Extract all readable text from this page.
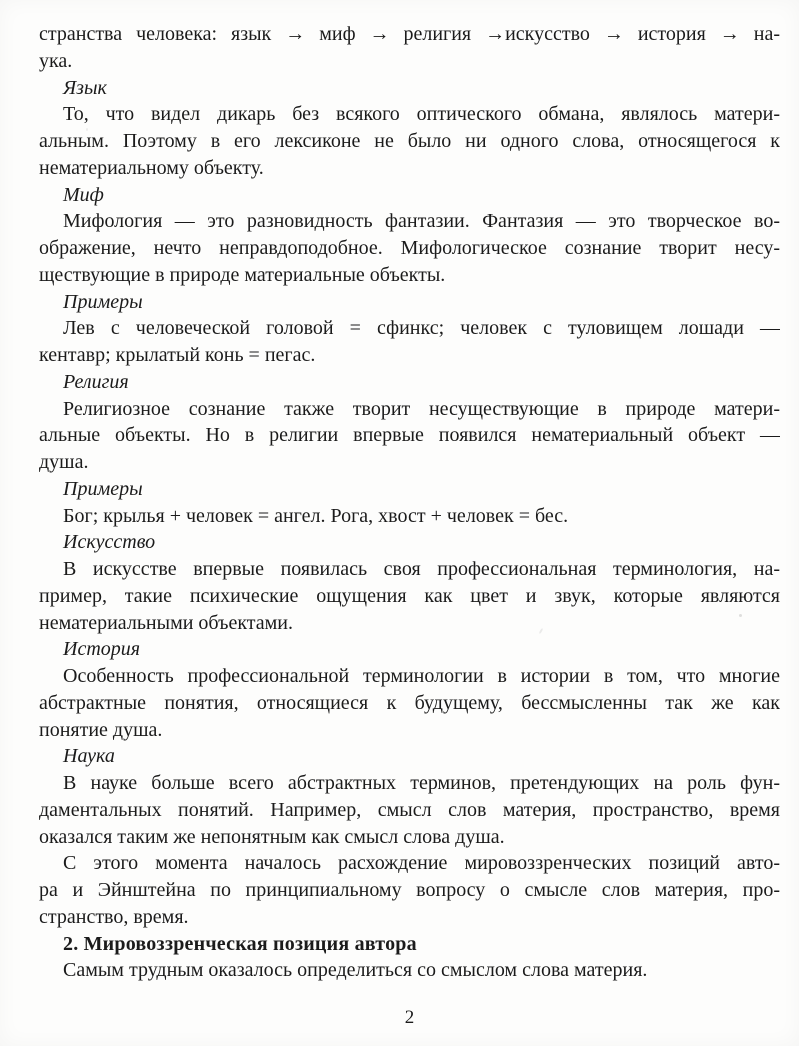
странства человека: язык → миф → религия →искусство → история → на-
ука.
Язык
То, что видел дикарь без всякого оптического обмана, являлось матери-
альным. Поэтому в его лексиконе не было ни одного слова, относящегося к
нематериальному объекту.
Миф
Мифология — это разновидность фантазии. Фантазия — это творческое во-
ображение, нечто неправдоподобное. Мифологическое сознание творит несу-
ществующие в природе материальные объекты.
Примеры
Лев с человеческой головой = сфинкс; человек с туловищем лошади —
кентавр; крылатый конь = пегас.
Религия
Религиозное сознание также творит несуществующие в природе матери-
альные объекты. Но в религии впервые появился нематериальный объект —
душа.
Примеры
Бог; крылья + человек = ангел. Рога, хвост + человек = бес.
Искусство
В искусстве впервые появилась своя профессиональная терминология, на-
пример, такие психические ощущения как цвет и звук, которые являются
нематериальными объектами.
История
Особенность профессиональной терминологии в истории в том, что многие
абстрактные понятия, относящиеся к будущему, бессмысленны так же как
понятие душа.
Наука
В науке больше всего абстрактных терминов, претендующих на роль фун-
даментальных понятий. Например, смысл слов материя, пространство, время
оказался таким же непонятным как смысл слова душа.
С этого момента началось расхождение мировоззренческих позиций авто-
ра и Эйнштейна по принципиальному вопросу о смысле слов материя, про-
странство, время.
2. Мировоззренческая позиция автора
Самым трудным оказалось определиться со смыслом слова материя.
2
